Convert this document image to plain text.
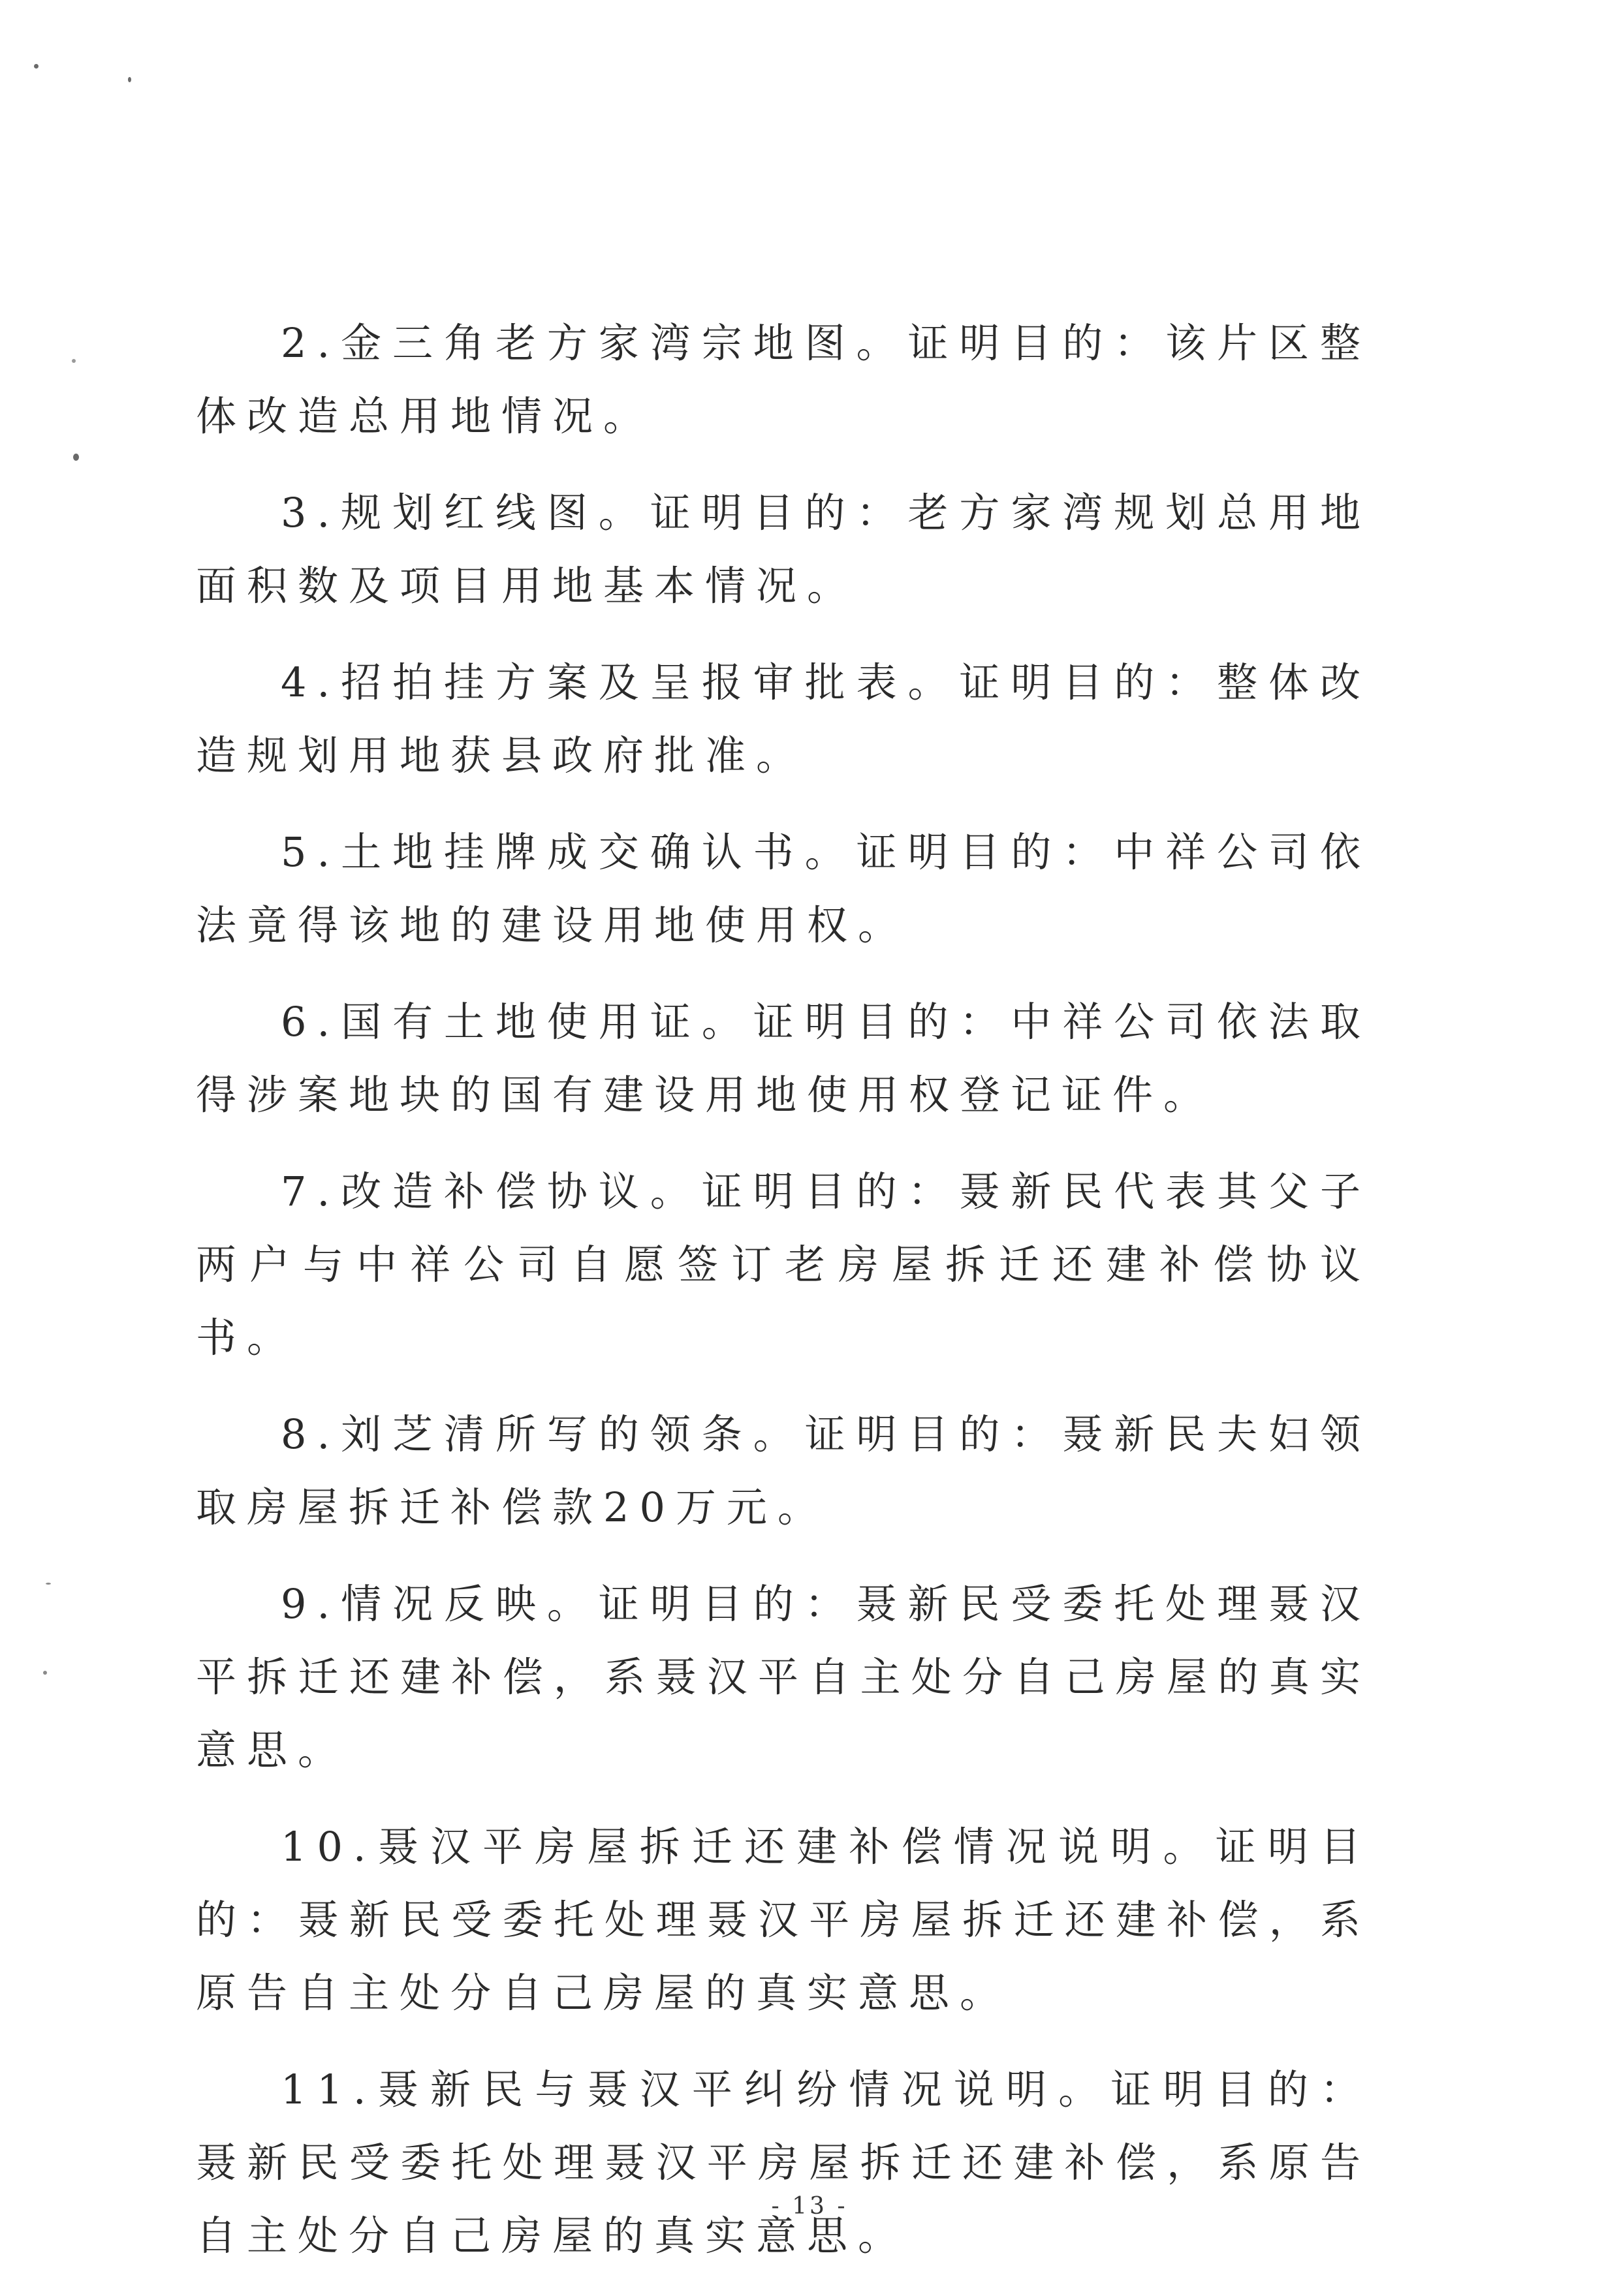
2.金三角老方家湾宗地图。证明目的：该片区整体改造总用地情况。

3.规划红线图。证明目的：老方家湾规划总用地面积数及项目用地基本情况。

4.招拍挂方案及呈报审批表。证明目的：整体改造规划用地获县政府批准。

5.土地挂牌成交确认书。证明目的：中祥公司依法竟得该地的建设用地使用权。

6.国有土地使用证。证明目的：中祥公司依法取得涉案地块的国有建设用地使用权登记证件。

7.改造补偿协议。证明目的：聂新民代表其父子两户与中祥公司自愿签订老房屋拆迁还建补偿协议书。

8.刘芝清所写的领条。证明目的：聂新民夫妇领取房屋拆迁补偿款20万元。

9.情况反映。证明目的：聂新民受委托处理聂汉平拆迁还建补偿，系聂汉平自主处分自己房屋的真实意思。

10.聂汉平房屋拆迁还建补偿情况说明。证明目的：聂新民受委托处理聂汉平房屋拆迁还建补偿，系原告自主处分自己房屋的真实意思。

11.聂新民与聂汉平纠纷情况说明。证明目的：聂新民受委托处理聂汉平房屋拆迁还建补偿，系原告自主处分自己房屋的真实意思。

- 13 -
